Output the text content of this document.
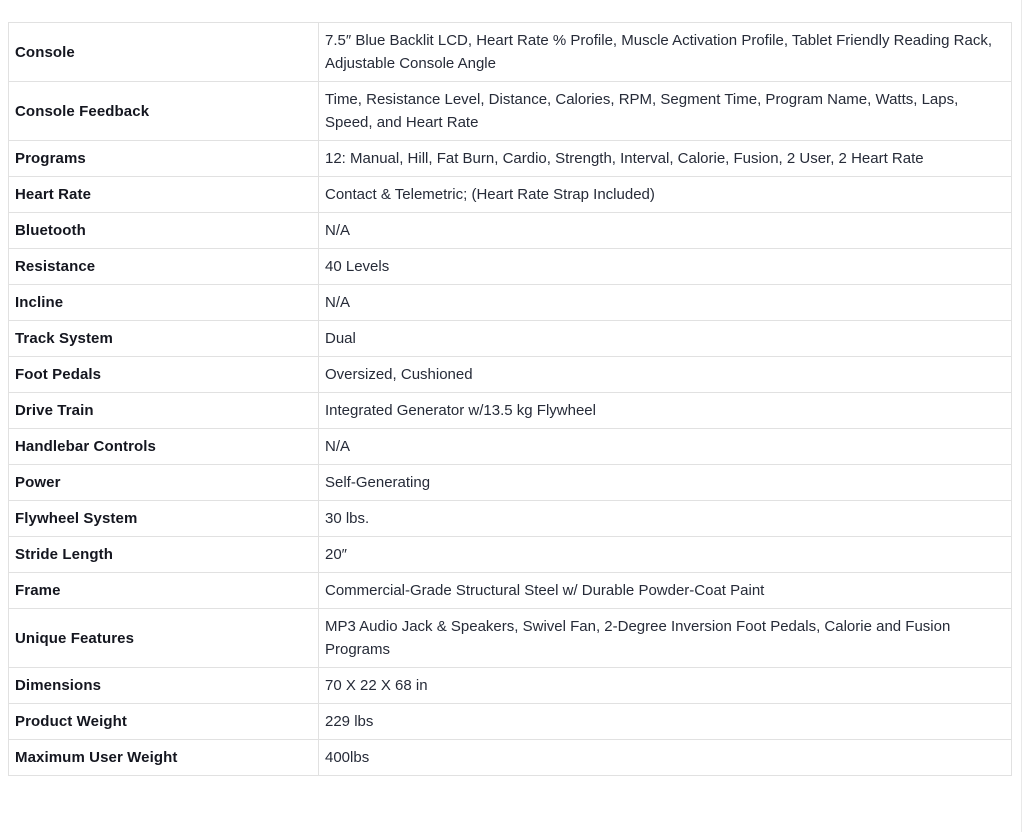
Console	7.5″ Blue Backlit LCD, Heart Rate % Profile, Muscle Activation Profile, Tablet Friendly Reading Rack, Adjustable Console Angle
Console Feedback	Time, Resistance Level, Distance, Calories, RPM, Segment Time, Program Name, Watts, Laps, Speed, and Heart Rate
Programs	12: Manual, Hill, Fat Burn, Cardio, Strength, Interval, Calorie, Fusion, 2 User, 2 Heart Rate
Heart Rate	Contact & Telemetric; (Heart Rate Strap Included)
Bluetooth	N/A
Resistance	40 Levels
Incline	N/A
Track System	Dual
Foot Pedals	Oversized, Cushioned
Drive Train	Integrated Generator w/13.5 kg Flywheel
Handlebar Controls	N/A
Power	Self-Generating
Flywheel System	30 lbs.
Stride Length	20″
Frame	Commercial-Grade Structural Steel w/ Durable Powder-Coat Paint
Unique Features	MP3 Audio Jack & Speakers, Swivel Fan, 2-Degree Inversion Foot Pedals, Calorie and Fusion Programs
Dimensions	70 X 22 X 68 in
Product Weight	229 lbs
Maximum User Weight	400lbs
